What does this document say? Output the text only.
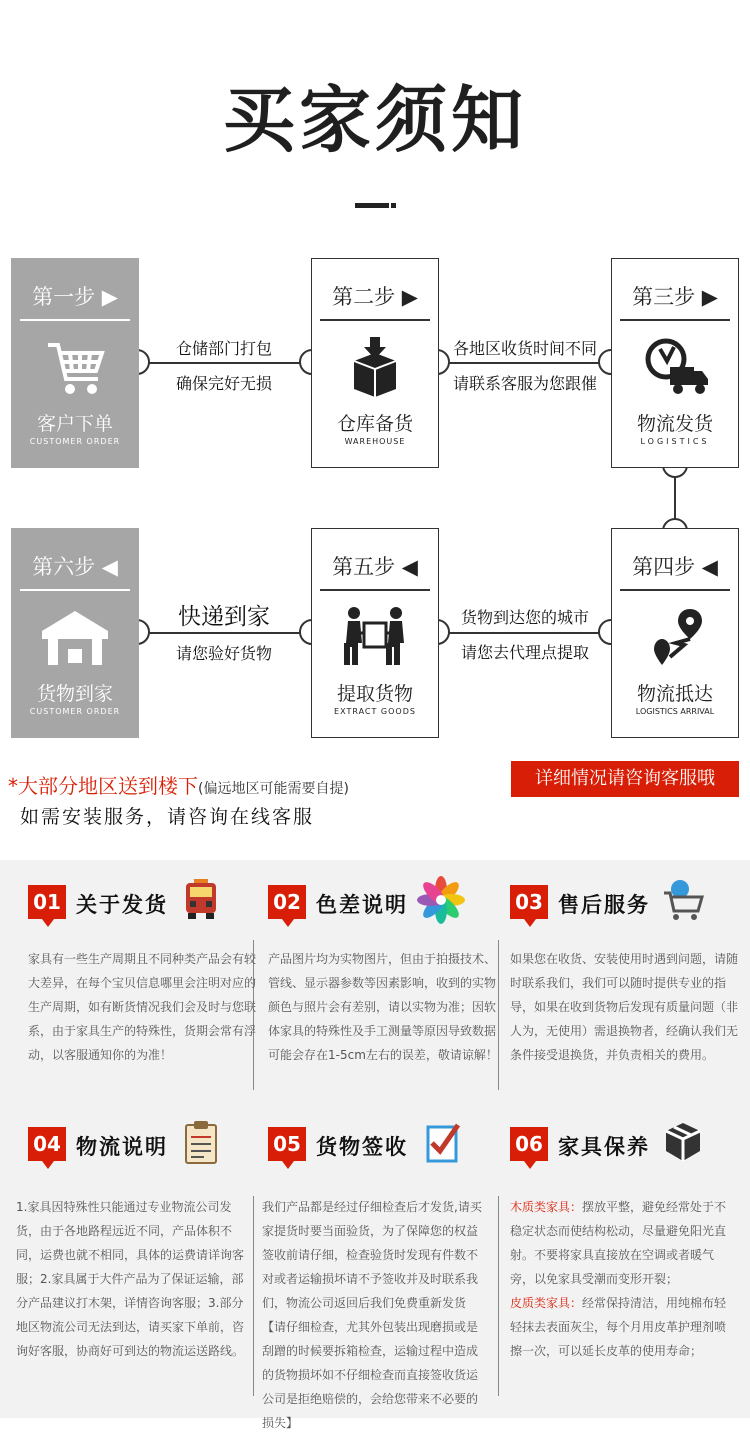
买家须知
仓储部门打包
确保完好无损
各地区收货时间不同
请联系客服为您跟催
快递到家
请您验好货物
货物到达您的城市
请您去代理点提取
第一步 ▶
客户下单
CUSTOMER ORDER
第二步 ▶
仓库备货
WAREHOUSE
第三步 ▶
物流发货
LOGISTICS
第四步 ◀
物流抵达
LOGISTICS ARRIVAL
第五步 ◀
提取货物
EXTRACT GOODS
第六步 ◀
货物到家
CUSTOMER ORDER
*大部分地区送到楼下(偏远地区可能需要自提)
如需安装服务，请咨询在线客服
详细情况请咨询客服哦
01 关于发货
家具有一些生产周期且不同种类产品会有较大差异，在每个宝贝信息哪里会注明对应的生产周期，如有断货情况我们会及时与您联系，由于家具生产的特殊性，货期会常有浮动，以客服通知你的为准！
02 色差说明
产品图片均为实物图片，但由于拍摄技术、管线、显示器参数等因素影响，收到的实物颜色与照片会有差别，请以实物为准；因软体家具的特殊性及手工测量等原因导致数据可能会存在1-5cm左右的误差，敬请谅解！
03 售后服务
如果您在收货、安装使用时遇到问题，请随时联系我们，我们可以随时提供专业的指导，如果在收到货物后发现有质量问题（非人为，无使用）需退换物者，经确认我们无条件接受退换货，并负责相关的费用。
04 物流说明
1.家具因特殊性只能通过专业物流公司发货，由于各地路程远近不同，产品体积不同，运费也就不相同，具体的运费请详询客服；2.家具属于大件产品为了保证运输，部分产品建议打木架，详情咨询客服；3.部分地区物流公司无法到达，请买家下单前，咨询好客服，协商好可到达的物流运送路线。
05 货物签收
我们产品都是经过仔细检查后才发货,请买家提货时要当面验货，为了保障您的权益签收前请仔细，检查验货时发现有件数不对或者运输损坏请不予签收并及时联系我们，物流公司返回后我们免费重新发货【请仔细检查，尤其外包装出现磨损或是刮蹭的时候要拆箱检查，运输过程中造成的货物损坏如不仔细检查而直接签收货运公司是拒绝赔偿的，会给您带来不必要的损失】
06 家具保养
木质类家具：摆放平整，避免经常处于不稳定状态而使结构松动，尽量避免阳光直射。不要将家具直接放在空调或者暖气旁，以免家具受潮而变形开裂；
皮质类家具：经常保持清洁，用纯棉布轻轻抹去表面灰尘，每个月用皮革护理剂喷擦一次，可以延长皮革的使用寿命；
